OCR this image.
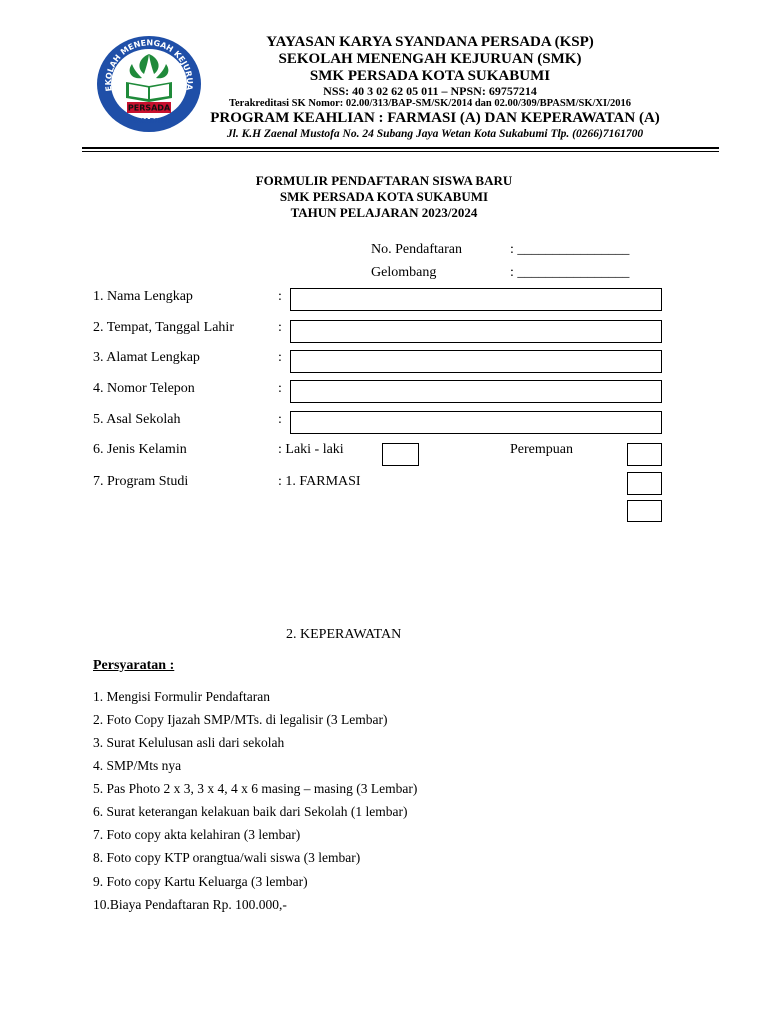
EKOLAH MENENGAH KEJURUA
PERSADA
SUKABUMI
YAYASAN KARYA SYANDANA PERSADA (KSP)
SEKOLAH MENENGAH KEJURUAN (SMK)
SMK PERSADA KOTA SUKABUMI
NSS: 40 3 02 62 05 011 – NPSN: 69757214
Terakreditasi SK Nomor: 02.00/313/BAP-SM/SK/2014 dan 02.00/309/BPASM/SK/XI/2016
PROGRAM KEAHLIAN : FARMASI (A) DAN KEPERAWATAN (A)
Jl. K.H Zaenal Mustofa No. 24 Subang Jaya Wetan Kota Sukabumi Tlp. (0266)7161700
FORMULIR PENDAFTARAN SISWA BARU
SMK PERSADA KOTA SUKABUMI
TAHUN PELAJARAN 2023/2024
No. Pendaftaran	: ________________
Gelombang	: ________________
1. Nama Lengkap	:
2. Tempat, Tanggal Lahir	:
3. Alamat Lengkap	:
4. Nomor Telepon	:
5. Asal Sekolah	:
6. Jenis Kelamin	: Laki - laki	Perempuan
7. Program Studi	: 1. FARMASI
2. KEPERAWATAN
Persyaratan :
1. Mengisi Formulir Pendaftaran
2. Foto Copy Ijazah SMP/MTs. di legalisir (3 Lembar)
3. Surat Kelulusan asli dari sekolah
4. SMP/Mts nya
5. Pas Photo 2 x 3, 3 x 4, 4 x 6 masing – masing (3 Lembar)
6. Surat keterangan kelakuan baik dari Sekolah (1 lembar)
7. Foto copy akta kelahiran (3 lembar)
8. Foto copy KTP orangtua/wali siswa (3 lembar)
9. Foto copy Kartu Keluarga (3 lembar)
10.Biaya Pendaftaran Rp. 100.000,-
